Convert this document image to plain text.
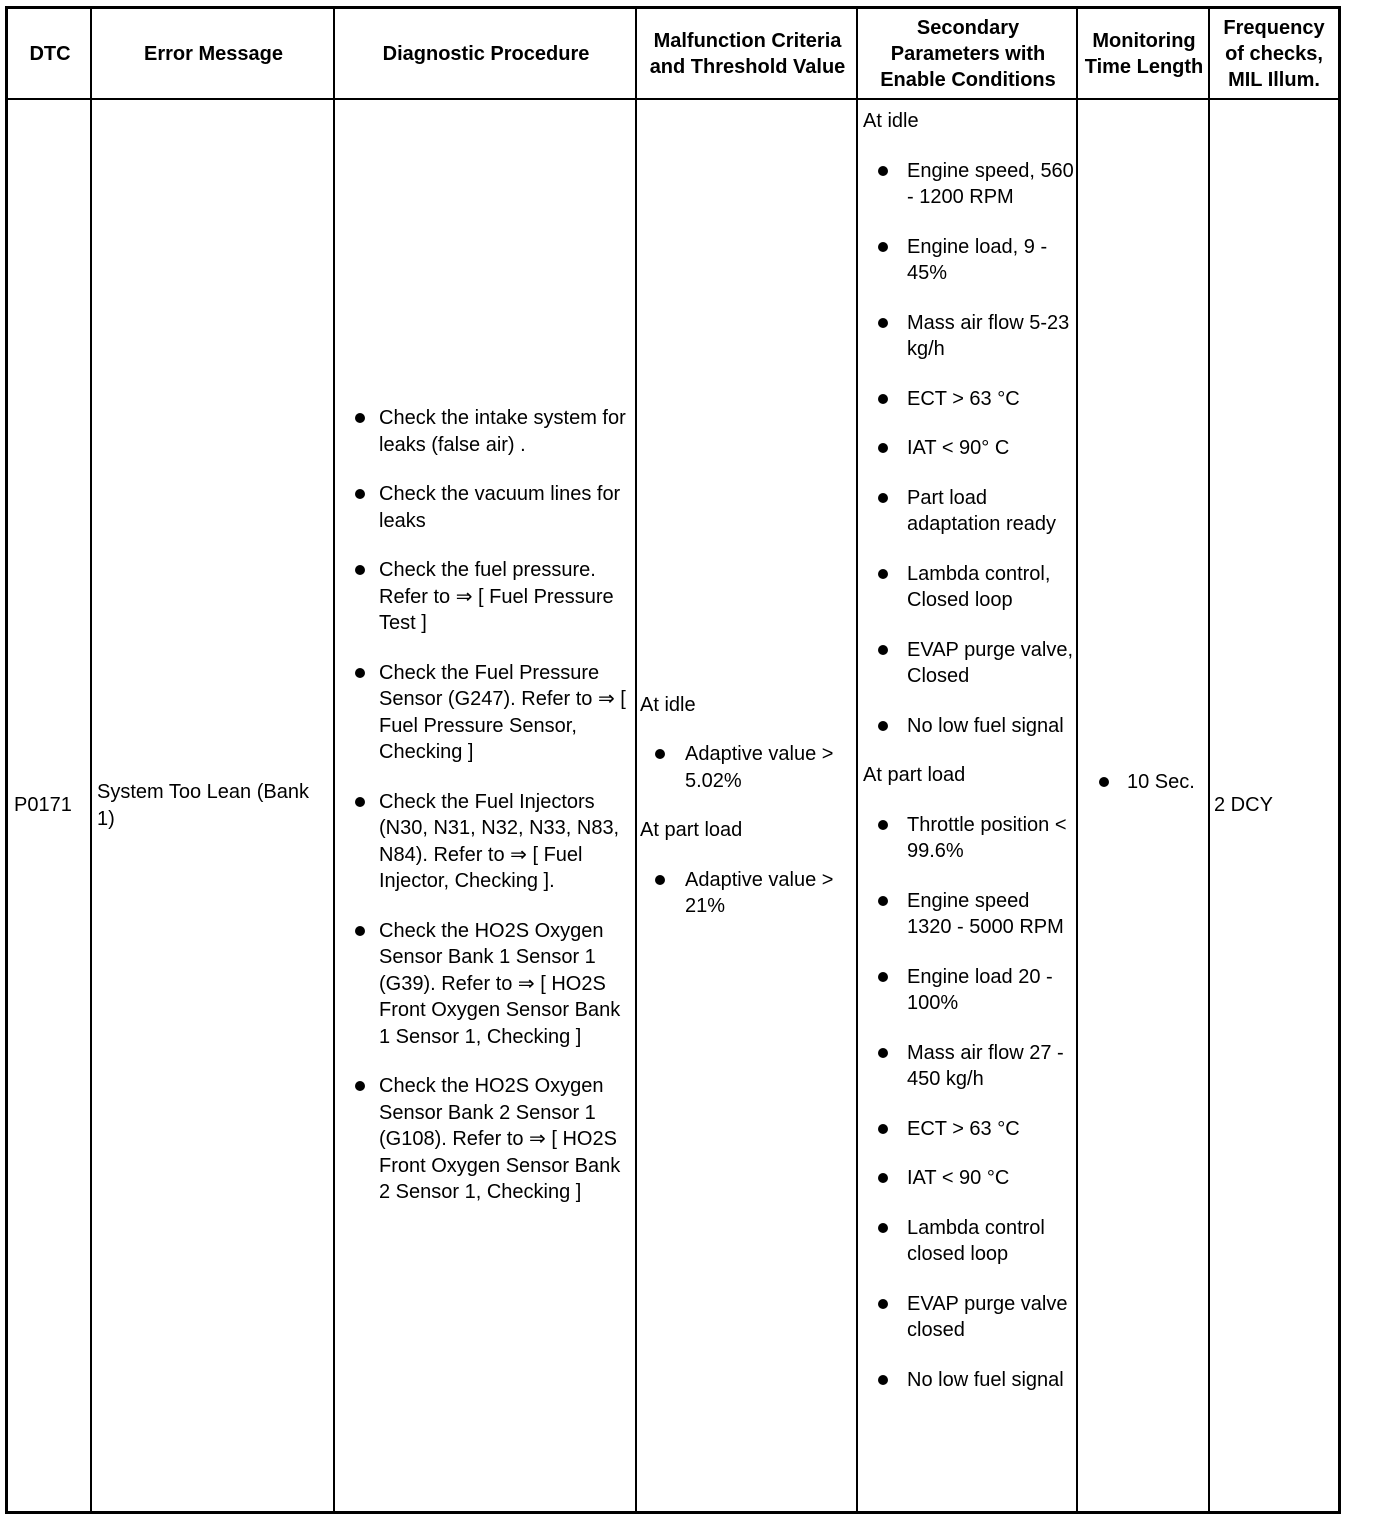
DTC	Error Message	Diagnostic Procedure
Malfunction Criteria and Threshold Value
Secondary Parameters with Enable Conditions
Monitoring Time Length
Frequency of checks, MIL Illum.
P0171
System Too Lean (Bank 1)
Check the intake system for leaks (false air) .
Check the vacuum lines for leaks
Check the fuel pressure. Refer to ⇒ [ Fuel Pressure Test ]
Check the Fuel Pressure Sensor (G247). Refer to ⇒ [ Fuel Pressure Sensor, Checking ]
Check the Fuel Injectors (N30, N31, N32, N33, N83, N84). Refer to ⇒ [ Fuel Injector, Checking ].
Check the HO2S Oxygen Sensor Bank 1 Sensor 1 (G39). Refer to ⇒ [ HO2S Front Oxygen Sensor Bank 1 Sensor 1, Checking ]
Check the HO2S Oxygen Sensor Bank 2 Sensor 1 (G108). Refer to ⇒ [ HO2S Front Oxygen Sensor Bank 2 Sensor 1, Checking ]
At idle
Adaptive value > 5.02%
At part load
Adaptive value > 21%
At idle
Engine speed, 560 - 1200 RPM
Engine load, 9 - 45%
Mass air flow 5-23 kg/h
ECT > 63 °C
IAT < 90° C
Part load adaptation ready
Lambda control, Closed loop
EVAP purge valve, Closed
No low fuel signal
At part load
Throttle position < 99.6%
Engine speed 1320 - 5000 RPM
Engine load 20 - 100%
Mass air flow 27 - 450 kg/h
ECT > 63 °C
IAT < 90 °C
Lambda control closed loop
EVAP purge valve closed
No low fuel signal
10 Sec.
2 DCY
